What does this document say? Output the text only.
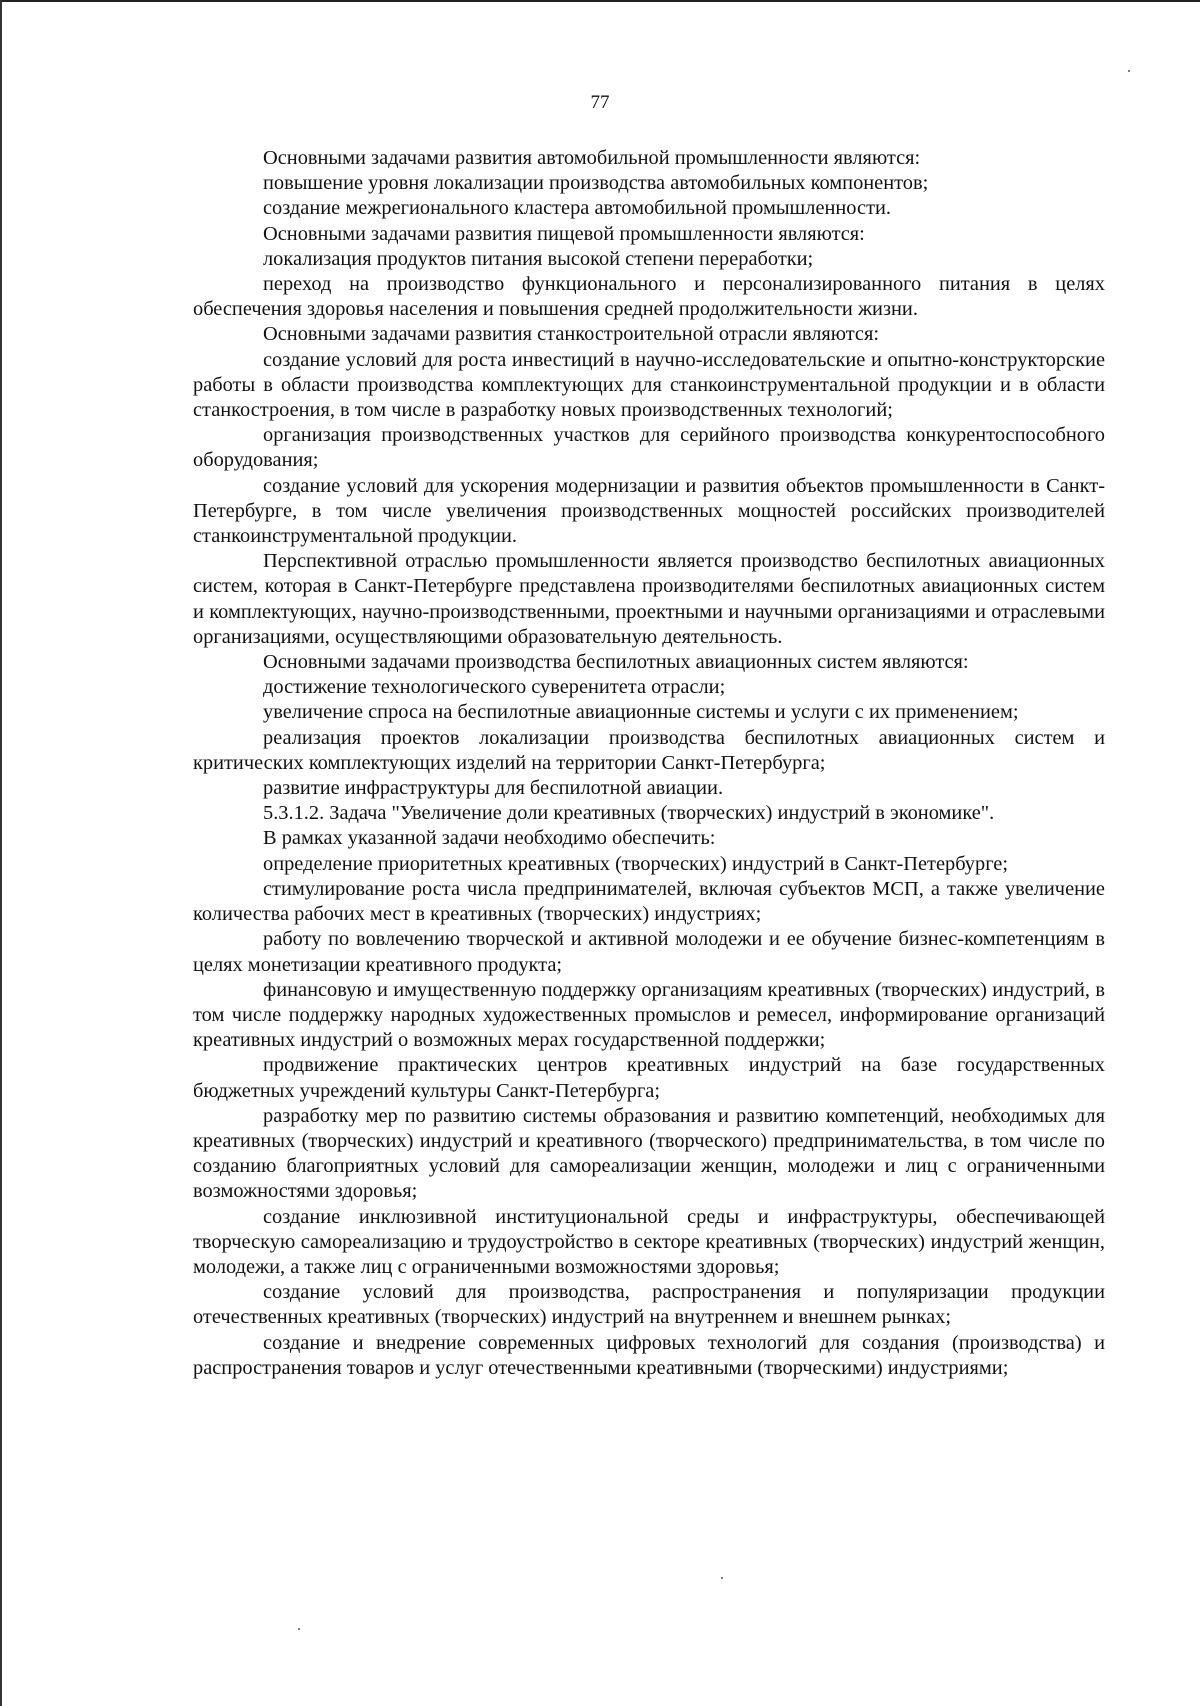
77

Основными задачами развития автомобильной промышленности являются:

повышение уровня локализации производства автомобильных компонентов;

создание межрегионального кластера автомобильной промышленности.

Основными задачами развития пищевой промышленности являются:

локализация продуктов питания высокой степени переработки;

переход на производство функционального и персонализированного питания в целях обеспечения здоровья населения и повышения средней продолжительности жизни.

Основными задачами развития станкостроительной отрасли являются:

создание условий для роста инвестиций в научно-исследовательские и опытно-конструкторские работы в области производства комплектующих для станкоинструментальной продукции и в области станкостроения, в том числе в разработку новых производственных технологий;

организация производственных участков для серийного производства конкурентоспособного оборудования;

создание условий для ускорения модернизации и развития объектов промышленности в Санкт-Петербурге, в том числе увеличения производственных мощностей российских производителей станкоинструментальной продукции.

Перспективной отраслью промышленности является производство беспилотных авиационных систем, которая в Санкт-Петербурге представлена производителями беспилотных авиационных систем и комплектующих, научно-производственными, проектными и научными организациями и отраслевыми организациями, осуществляющими образовательную деятельность.

Основными задачами производства беспилотных авиационных систем являются:

достижение технологического суверенитета отрасли;

увеличение спроса на беспилотные авиационные системы и услуги с их применением;

реализация проектов локализации производства беспилотных авиационных систем и критических комплектующих изделий на территории Санкт-Петербурга;

развитие инфраструктуры для беспилотной авиации.

5.3.1.2. Задача "Увеличение доли креативных (творческих) индустрий в экономике".

В рамках указанной задачи необходимо обеспечить:

определение приоритетных креативных (творческих) индустрий в Санкт-Петербурге;

стимулирование роста числа предпринимателей, включая субъектов МСП, а также увеличение количества рабочих мест в креативных (творческих) индустриях;

работу по вовлечению творческой и активной молодежи и ее обучение бизнес-компетенциям в целях монетизации креативного продукта;

финансовую и имущественную поддержку организациям креативных (творческих) индустрий, в том числе поддержку народных художественных промыслов и ремесел, информирование организаций креативных индустрий о возможных мерах государственной поддержки;

продвижение практических центров креативных индустрий на базе государственных бюджетных учреждений культуры Санкт-Петербурга;

разработку мер по развитию системы образования и развитию компетенций, необходимых для креативных (творческих) индустрий и креативного (творческого) предпринимательства, в том числе по созданию благоприятных условий для самореализации женщин, молодежи и лиц с ограниченными возможностями здоровья;

создание инклюзивной институциональной среды и инфраструктуры, обеспечивающей творческую самореализацию и трудоустройство в секторе креативных (творческих) индустрий женщин, молодежи, а также лиц с ограниченными возможностями здоровья;

создание условий для производства, распространения и популяризации продукции отечественных креативных (творческих) индустрий на внутреннем и внешнем рынках;

создание и внедрение современных цифровых технологий для создания (производства) и распространения товаров и услуг отечественными креативными (творческими) индустриями;
